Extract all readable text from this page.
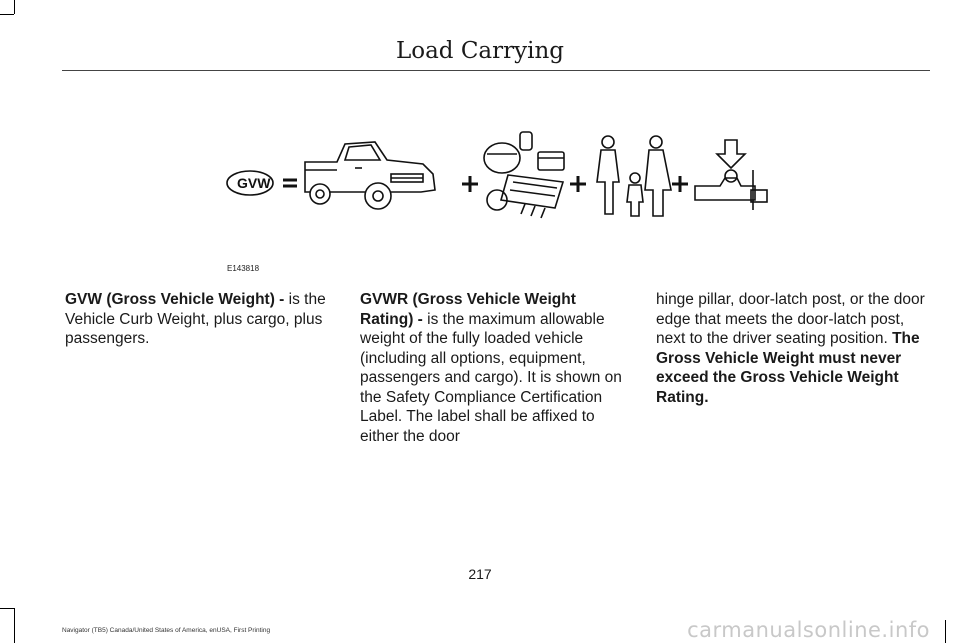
Load Carrying
GVW
E143818
GVW (Gross Vehicle Weight) - is the Vehicle Curb Weight, plus cargo, plus passengers.
GVWR (Gross Vehicle Weight Rating) - is the maximum allowable weight of the fully loaded vehicle (including all options, equipment, passengers and cargo). It is shown on the Safety Compliance Certification Label. The label shall be affixed to either the door
hinge pillar, door-latch post, or the door edge that meets the door-latch post, next to the driver seating position. The Gross Vehicle Weight must never exceed the Gross Vehicle Weight Rating.
217
Navigator (TB5) Canada/United States of America, enUSA, First Printing	carmanualsonline.info
